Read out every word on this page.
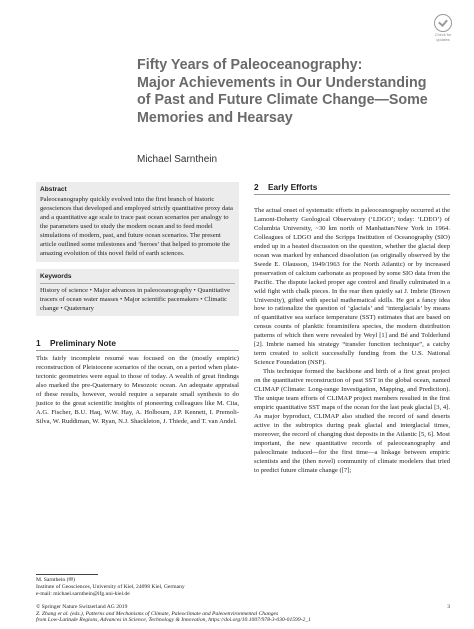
Check for
updates
Fifty Years of Paleoceanography:
Major Achievements in Our Understanding
of Past and Future Climate Change—Some
Memories and Hearsay

Michael Sarnthein

Abstract

Paleoceanography quickly evolved into the first branch of historic geosciences that developed and employed strictly quantitative proxy data and a quantitative age scale to trace past ocean scenarios per analogy to the parameters used to study the modern ocean and to feed model simulations of modern, past, and future ocean scenarios. The present article outlined some milestones and ‘heroes’ that helped to promote the amazing evolution of this novel field of earth sciences.

Keywords

History of science • Major advances in paleoceanography • Quantitative tracers of ocean water masses • Major scientific pacemakers • Climatic change • Quaternary

1 Preliminary Note

This fairly incomplete resumé was focused on the (mostly empiric) reconstruction of Pleistocene scenarios of the ocean, on a period when plate-tectonic geometries were equal to those of today. A wealth of great findings also marked the pre-Quaternary to Mesozoic ocean. An adequate appraisal of these results, however, would require a separate small synthesis to do justice to the great scientific insights of pioneering colleagues like M. Cita, A.G. Fischer, B.U. Haq, W.W. Hay, A. Holbourn, J.P. Kennett, I. Premoli-Silva, W. Ruddiman, W. Ryan, N.J. Shackleton, J. Thiede, and T. van Andel.

2 Early Efforts

The actual onset of systematic efforts in paleoceanography occurred at the Lamont-Doherty Geological Observatory (‘LDGO’; today: ‘LDEO’) of Columbia University, ~30 km north of Manhattan/New York in 1964. Colleagues of LDGO and the Scripps Institution of Oceanography (SIO) ended up in a heated discussion on the question, whether the glacial deep ocean was marked by enhanced dissolution (as originally observed by the Swede E. Olausson, 1949/1963 for the North Atlantic) or by increased preservation of calcium carbonate as proposed by some SIO data from the Pacific. The dispute lacked proper age control and finally culminated in a wild fight with chalk pieces. In the rear then quietly sat J. Imbrie (Brown University), gifted with special mathematical skills. He got a fancy idea how to rationalize the question of ‘glacials’ and ‘interglacials’ by means of quantitative sea surface temperature (SST) estimates that are based on census counts of planktic foraminifera species, the modern distribution patterns of which then were revealed by Weyl [1] and Bé and Tolderlund [2]. Imbrie named his strategy “transfer function technique”, a catchy term created to solicit successfully funding from the U.S. National Science Foundation (NSF).

This technique formed the backbone and birth of a first great project on the quantitative reconstruction of past SST in the global ocean, named CLIMAP (Climate: Long-range Investigation, Mapping, and Prediction). The unique team efforts of CLIMAP project members resulted in the first empiric quantitative SST maps of the ocean for the last peak glacial [3, 4]. As major byproduct, CLIMAP also studied the record of sand deserts active in the subtropics during peak glacial and interglacial times, moreover, the record of changing dust deposits in the Atlantic [5, 6]. Most important, the new quantitative records of paleoceanography and paleoclimate induced—for the first time—a linkage between empiric scientists and the (then novel) community of climate modelers that tried to predict future climate change ([7];

M. Sarnthein (✉)

Institute of Geosciences, University of Kiel, 24098 Kiel, Germany

e-mail: michael.sarnthein@ifg.uni-kiel.de

© Springer Nature Switzerland AG 2019

Z. Zhang et al. (eds.), Patterns and Mechanisms of Climate, Paleoclimate and Paleoenvironmental Changes

from Low-Latitude Regions, Advances in Science, Technology & Innovation, https://doi.org/10.1007/978-3-030-01599-2_1

3
